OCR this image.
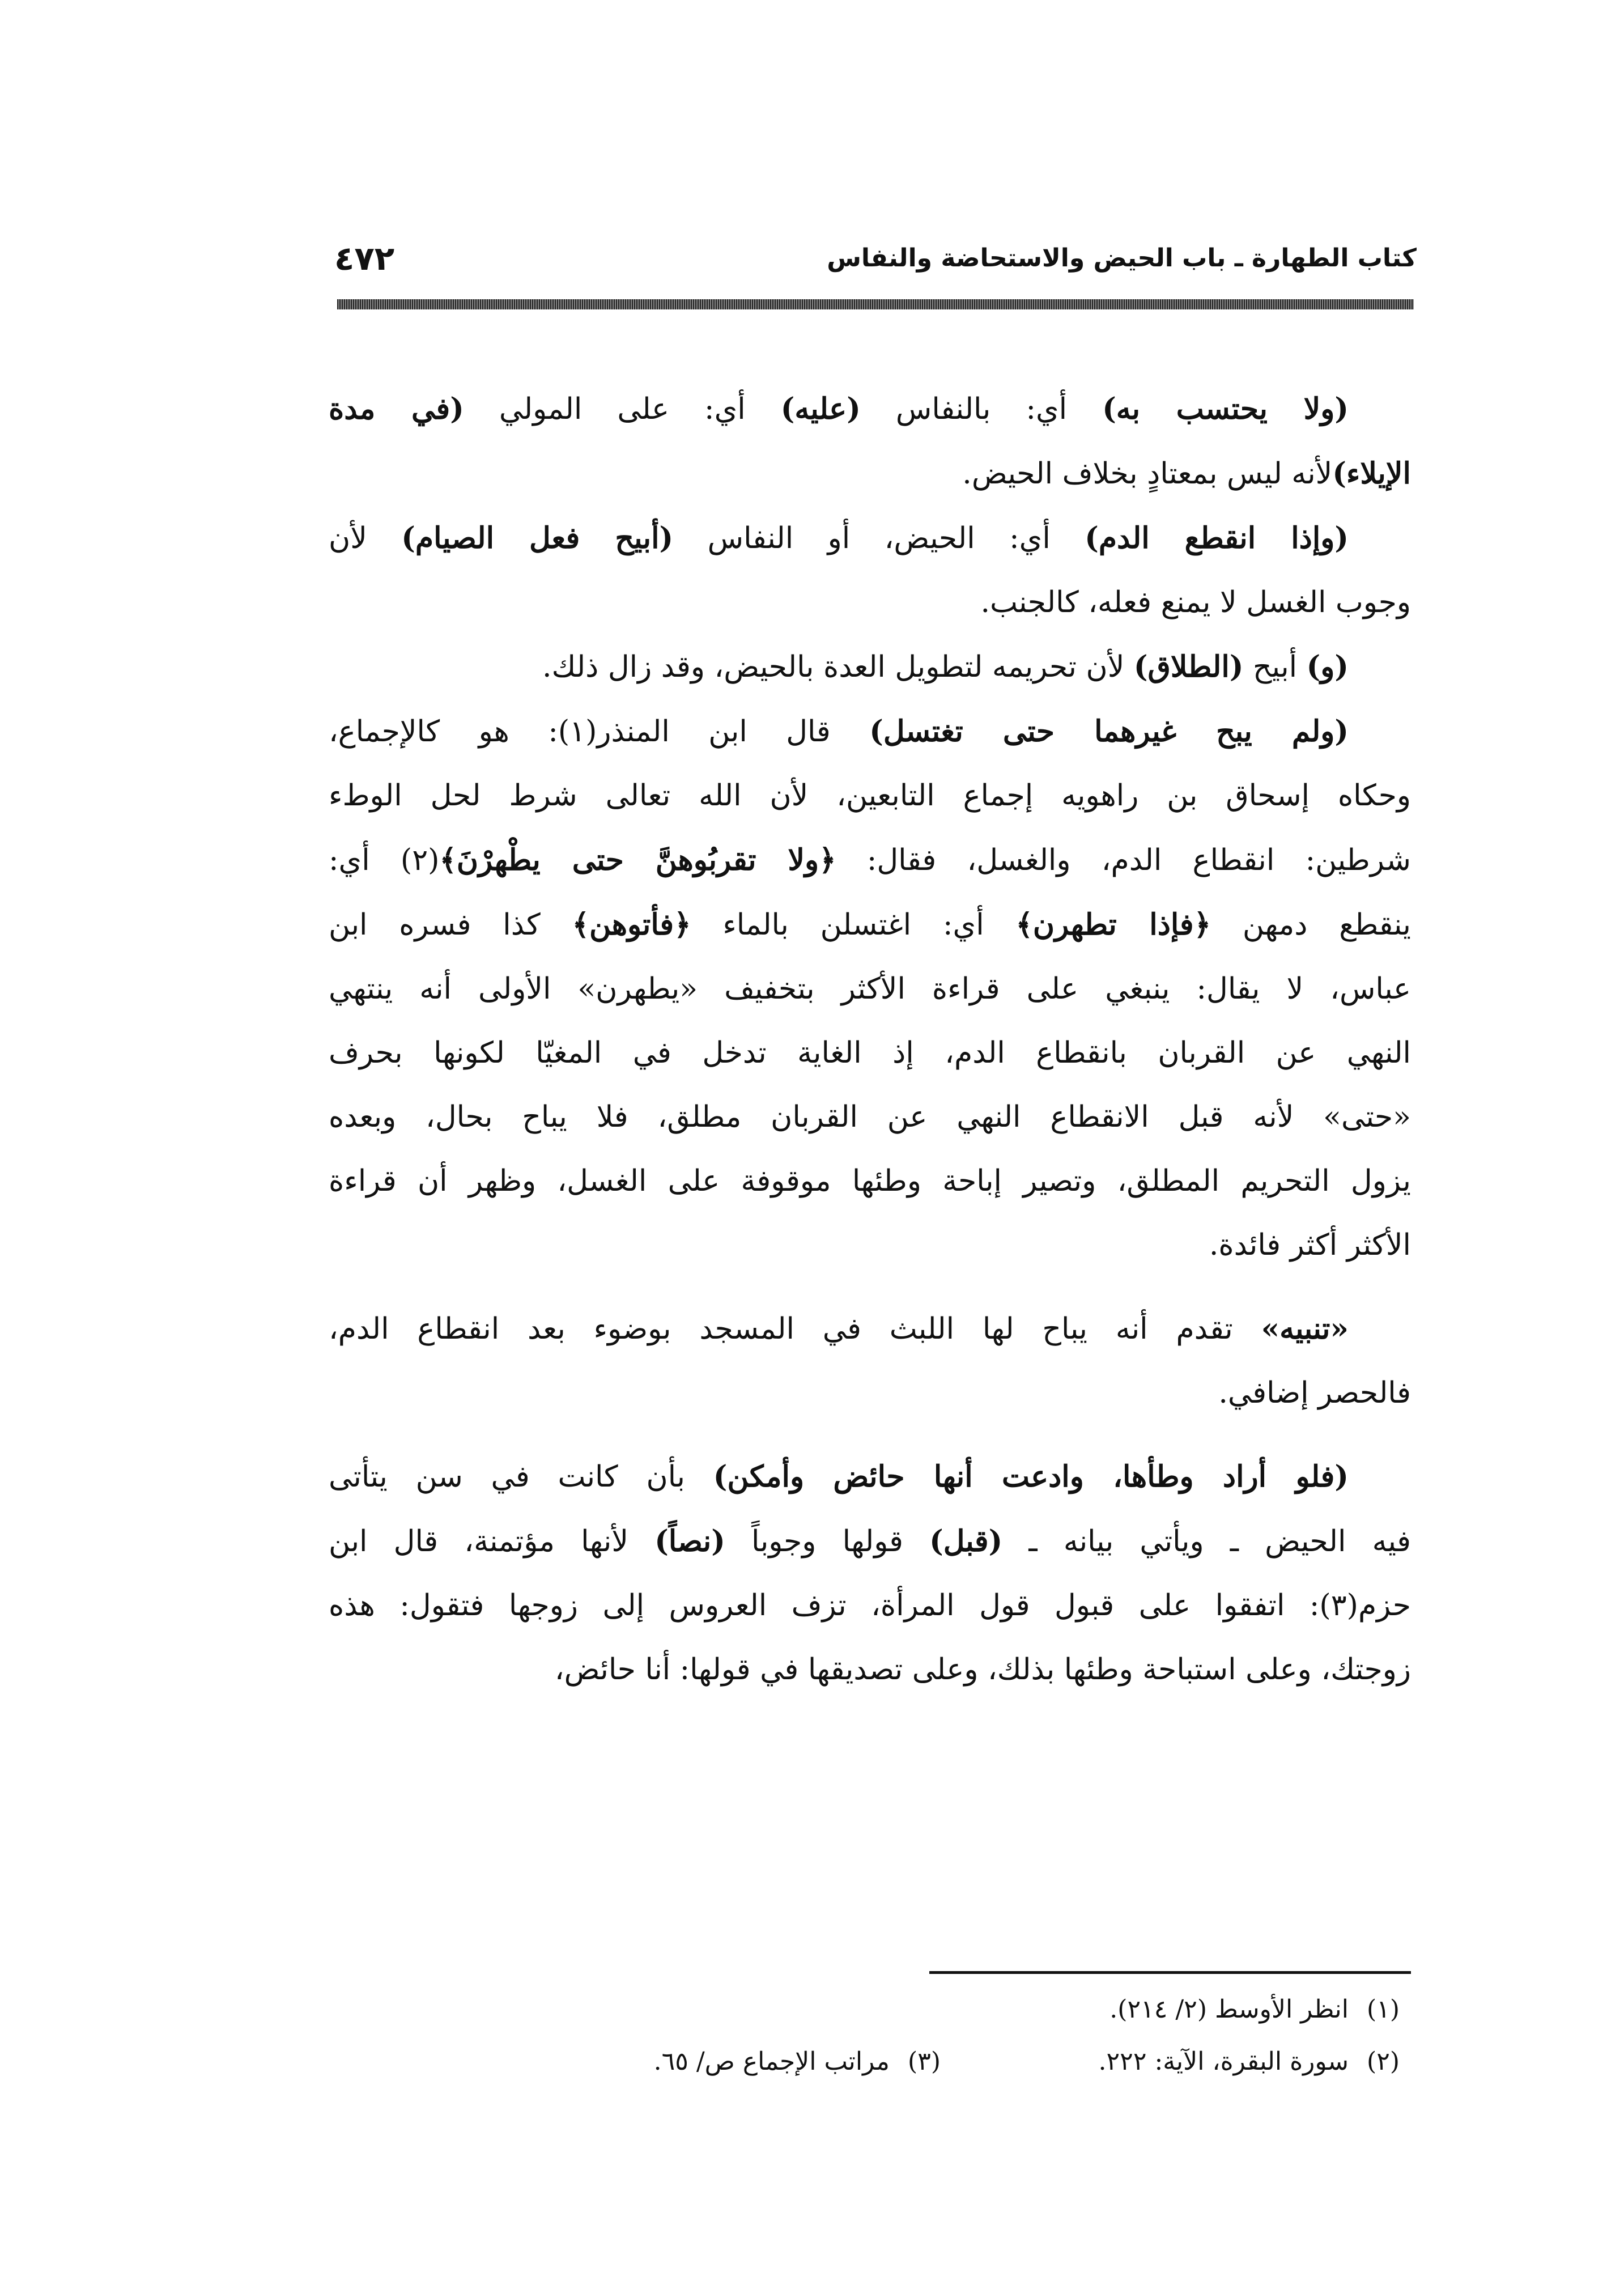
كتاب الطهارة ـ باب الحيض والاستحاضة والنفاس
٤٧٢

(ولا يحتسب به) أي: بالنفاس (عليه) أي: على المولي (في مدة

الإيلاء)لأنه ليس بمعتادٍ بخلاف الحيض.

(وإذا انقطع الدم) أي: الحيض، أو النفاس (أبيح فعل الصيام) لأن

وجوب الغسل لا يمنع فعله، كالجنب.

(و) أبيح (الطلاق) لأن تحريمه لتطويل العدة بالحيض، وقد زال ذلك.

(ولم يبح غيرهما حتى تغتسل) قال ابن المنذر(١): هو كالإجماع،

وحكاه إسحاق بن راهويه إجماع التابعين، لأن الله تعالى شرط لحل الوطء

شرطين: انقطاع الدم، والغسل، فقال: ﴿ولا تقربُوهنَّ حتى يطْهرْنَ﴾(٢) أي:

ينقطع دمهن ﴿فإذا تطهرن﴾ أي: اغتسلن بالماء ﴿فأتوهن﴾ كذا فسره ابن

عباس، لا يقال: ينبغي على قراءة الأكثر بتخفيف «يطهرن» الأولى أنه ينتهي

النهي عن القربان بانقطاع الدم، إذ الغاية تدخل في المغيّا لكونها بحرف

«حتى» لأنه قبل الانقطاع النهي عن القربان مطلق، فلا يباح بحال، وبعده

يزول التحريم المطلق، وتصير إباحة وطئها موقوفة على الغسل، وظهر أن قراءة

الأكثر أكثر فائدة.

«تنبيه» تقدم أنه يباح لها اللبث في المسجد بوضوء بعد انقطاع الدم،

فالحصر إضافي.

(فلو أراد وطأها، وادعت أنها حائض وأمكن) بأن كانت في سن يتأتى

فيه الحيض ـ ويأتي بيانه ـ (قبل) قولها وجوباً (نصاً) لأنها مؤتمنة، قال ابن

حزم(٣): اتفقوا على قبول قول المرأة، تزف العروس إلى زوجها فتقول: هذه

زوجتك، وعلى استباحة وطئها بذلك، وعلى تصديقها في قولها: أنا حائض،

(١)انظر الأوسط (٢/ ٢١٤).
(٢)سورة البقرة، الآية: ٢٢٢.
(٣)مراتب الإجماع ص/ ٦٥.
